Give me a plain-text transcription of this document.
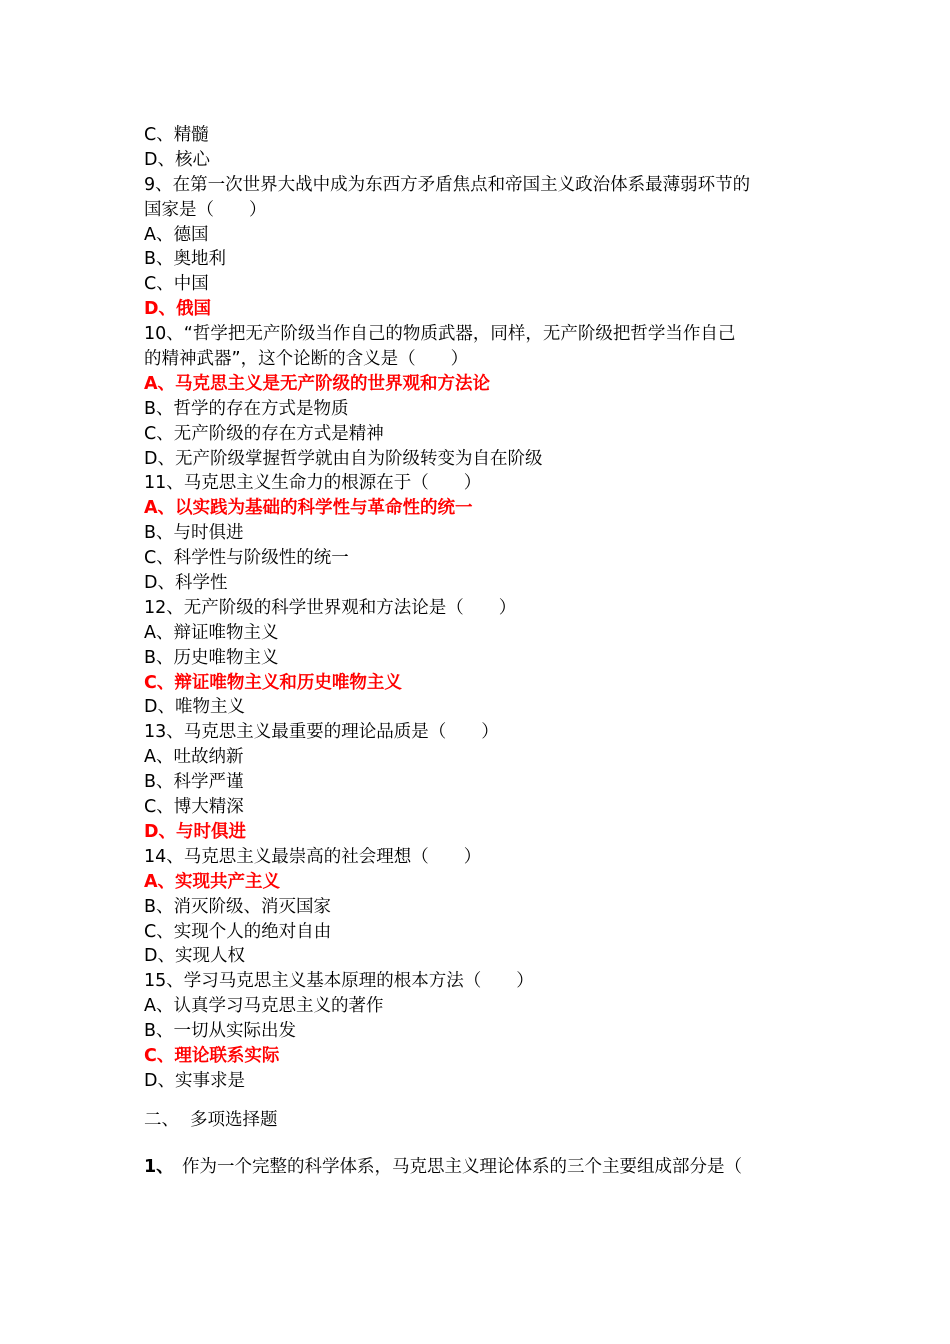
C、精髓
D、核心
9、在第一次世界大战中成为东西方矛盾焦点和帝国主义政治体系最薄弱环节的
国家是（　　）
A、德国
B、奥地利
C、中国
D、俄国
10、“哲学把无产阶级当作自己的物质武器，同样，无产阶级把哲学当作自己
的精神武器”，这个论断的含义是（　　）
A、马克思主义是无产阶级的世界观和方法论
B、哲学的存在方式是物质
C、无产阶级的存在方式是精神
D、无产阶级掌握哲学就由自为阶级转变为自在阶级
11、马克思主义生命力的根源在于（　　）
A、以实践为基础的科学性与革命性的统一
B、与时俱进
C、科学性与阶级性的统一
D、科学性
12、无产阶级的科学世界观和方法论是（　　）
A、辩证唯物主义
B、历史唯物主义
C、辩证唯物主义和历史唯物主义
D、唯物主义
13、马克思主义最重要的理论品质是（　　）
A、吐故纳新
B、科学严谨
C、博大精深
D、与时俱进
14、马克思主义最崇高的社会理想（　　）
A、实现共产主义
B、消灭阶级、消灭国家
C、实现个人的绝对自由
D、实现人权
15、学习马克思主义基本原理的根本方法（　　）
A、认真学习马克思主义的著作
B、一切从实际出发
C、理论联系实际
D、实事求是
二、 多项选择题
1、 作为一个完整的科学体系，马克思主义理论体系的三个主要组成部分是（
